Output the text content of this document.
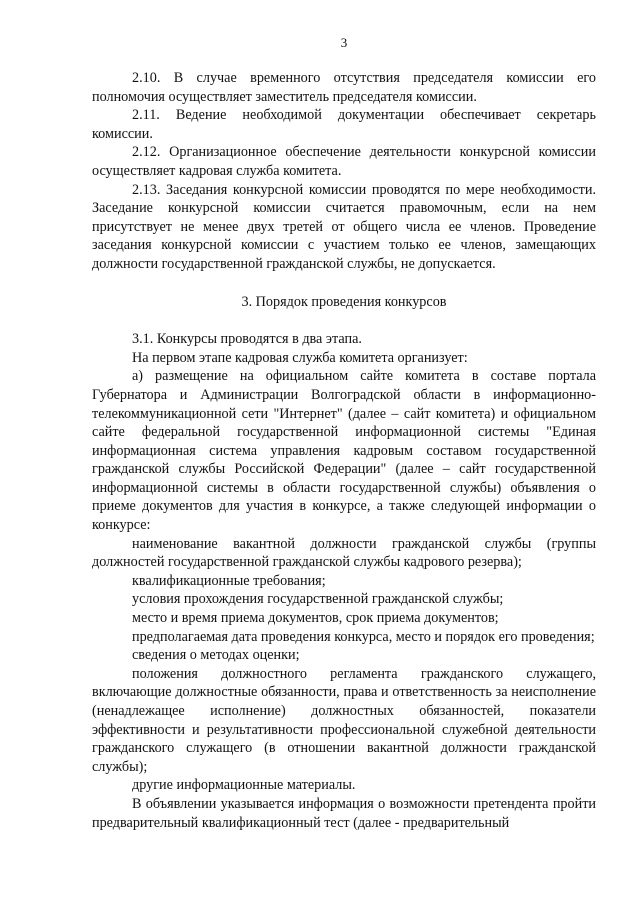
3

2.10. В случае временного отсутствия председателя комиссии его полномочия осуществляет заместитель председателя комиссии.

2.11. Ведение необходимой документации обеспечивает секретарь комиссии.

2.12. Организационное обеспечение деятельности конкурсной комиссии осуществляет кадровая служба комитета.

2.13. Заседания конкурсной комиссии проводятся по мере необходимости. Заседание конкурсной комиссии считается правомочным, если на нем присутствует не менее двух третей от общего числа ее членов. Проведение заседания конкурсной комиссии с участием только ее членов, замещающих должности государственной гражданской службы, не допускается.

3. Порядок проведения конкурсов

3.1. Конкурсы проводятся в два этапа.

На первом этапе кадровая служба комитета организует:

а) размещение на официальном сайте комитета в составе портала Губернатора и Администрации Волгоградской области в информационно-телекоммуникационной сети "Интернет" (далее – сайт комитета) и официальном сайте федеральной государственной информационной системы "Единая информационная система управления кадровым составом государственной гражданской службы Российской Федерации" (далее – сайт государственной информационной системы в области государственной службы) объявления о приеме документов для участия в конкурсе, а также следующей информации о конкурсе:

наименование вакантной должности гражданской службы (группы должностей государственной гражданской службы кадрового резерва);

квалификационные требования;

условия прохождения государственной гражданской службы;

место и время приема документов, срок приема документов;

предполагаемая дата проведения конкурса, место и порядок его проведения;

сведения о методах оценки;

положения должностного регламента гражданского служащего, включающие должностные обязанности, права и ответственность за неисполнение (ненадлежащее исполнение) должностных обязанностей, показатели эффективности и результативности профессиональной служебной деятельности гражданского служащего (в отношении вакантной должности гражданской службы);

другие информационные материалы.

В объявлении указывается информация о возможности претендента пройти предварительный квалификационный тест (далее - предварительный
